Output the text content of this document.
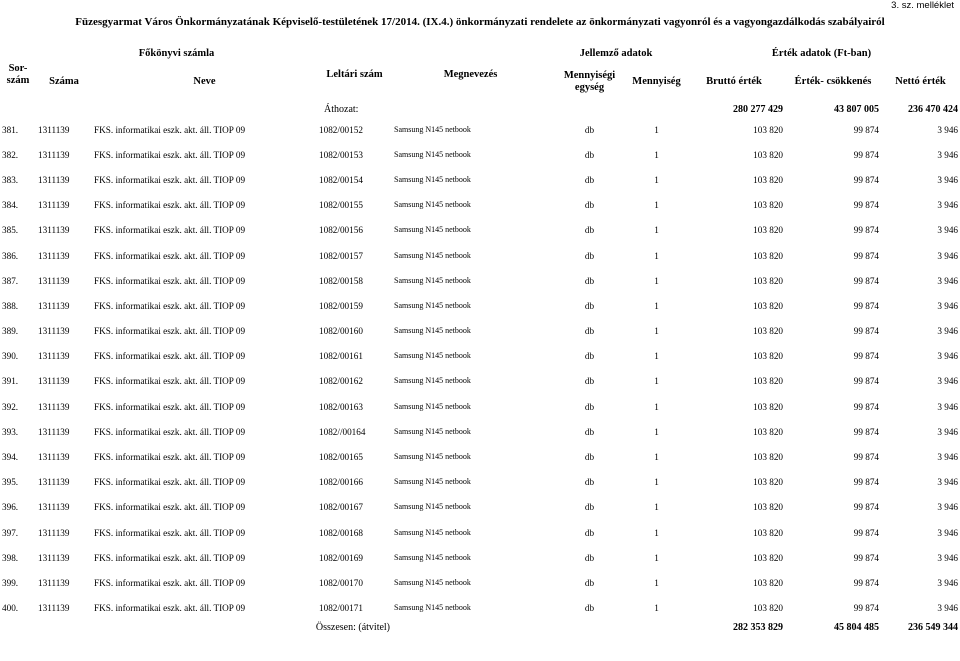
3. sz. melléklet
Füzesgyarmat Város Önkormányzatának Képviselő-testületének 17/2014. (IX.4.) önkormányzati rendelete az önkormányzati vagyonról és a vagyongazdálkodás szabályairól
Sor-
szám	Főkönyvi számla		Leltári szám	Megnevezés	Jellemző adatok		Érték adatok (Ft-ban)		
	Száma	Neve			Mennyiségi
egység	Mennyiség	Bruttó érték	Érték- csökkenés	Nettó érték

Áthozat:							280 277 429	43 807 005	236 470 424
381.	1311139	FKS. informatikai eszk. akt. áll. TIOP 09	1082/00152	Samsung N145 netbook	db	1	103 820	99 874	3 946
382.	1311139	FKS. informatikai eszk. akt. áll. TIOP 09	1082/00153	Samsung N145 netbook	db	1	103 820	99 874	3 946
383.	1311139	FKS. informatikai eszk. akt. áll. TIOP 09	1082/00154	Samsung N145 netbook	db	1	103 820	99 874	3 946
384.	1311139	FKS. informatikai eszk. akt. áll. TIOP 09	1082/00155	Samsung N145 netbook	db	1	103 820	99 874	3 946
385.	1311139	FKS. informatikai eszk. akt. áll. TIOP 09	1082/00156	Samsung N145 netbook	db	1	103 820	99 874	3 946
386.	1311139	FKS. informatikai eszk. akt. áll. TIOP 09	1082/00157	Samsung N145 netbook	db	1	103 820	99 874	3 946
387.	1311139	FKS. informatikai eszk. akt. áll. TIOP 09	1082/00158	Samsung N145 netbook	db	1	103 820	99 874	3 946
388.	1311139	FKS. informatikai eszk. akt. áll. TIOP 09	1082/00159	Samsung N145 netbook	db	1	103 820	99 874	3 946
389.	1311139	FKS. informatikai eszk. akt. áll. TIOP 09	1082/00160	Samsung N145 netbook	db	1	103 820	99 874	3 946
390.	1311139	FKS. informatikai eszk. akt. áll. TIOP 09	1082/00161	Samsung N145 netbook	db	1	103 820	99 874	3 946
391.	1311139	FKS. informatikai eszk. akt. áll. TIOP 09	1082/00162	Samsung N145 netbook	db	1	103 820	99 874	3 946
392.	1311139	FKS. informatikai eszk. akt. áll. TIOP 09	1082/00163	Samsung N145 netbook	db	1	103 820	99 874	3 946
393.	1311139	FKS. informatikai eszk. akt. áll. TIOP 09	1082//00164	Samsung N145 netbook	db	1	103 820	99 874	3 946
394.	1311139	FKS. informatikai eszk. akt. áll. TIOP 09	1082/00165	Samsung N145 netbook	db	1	103 820	99 874	3 946
395.	1311139	FKS. informatikai eszk. akt. áll. TIOP 09	1082/00166	Samsung N145 netbook	db	1	103 820	99 874	3 946
396.	1311139	FKS. informatikai eszk. akt. áll. TIOP 09	1082/00167	Samsung N145 netbook	db	1	103 820	99 874	3 946
397.	1311139	FKS. informatikai eszk. akt. áll. TIOP 09	1082/00168	Samsung N145 netbook	db	1	103 820	99 874	3 946
398.	1311139	FKS. informatikai eszk. akt. áll. TIOP 09	1082/00169	Samsung N145 netbook	db	1	103 820	99 874	3 946
399.	1311139	FKS. informatikai eszk. akt. áll. TIOP 09	1082/00170	Samsung N145 netbook	db	1	103 820	99 874	3 946
400.	1311139	FKS. informatikai eszk. akt. áll. TIOP 09	1082/00171	Samsung N145 netbook	db	1	103 820	99 874	3 946
Összesen: (átvitel)							282 353 829	45 804 485	236 549 344
